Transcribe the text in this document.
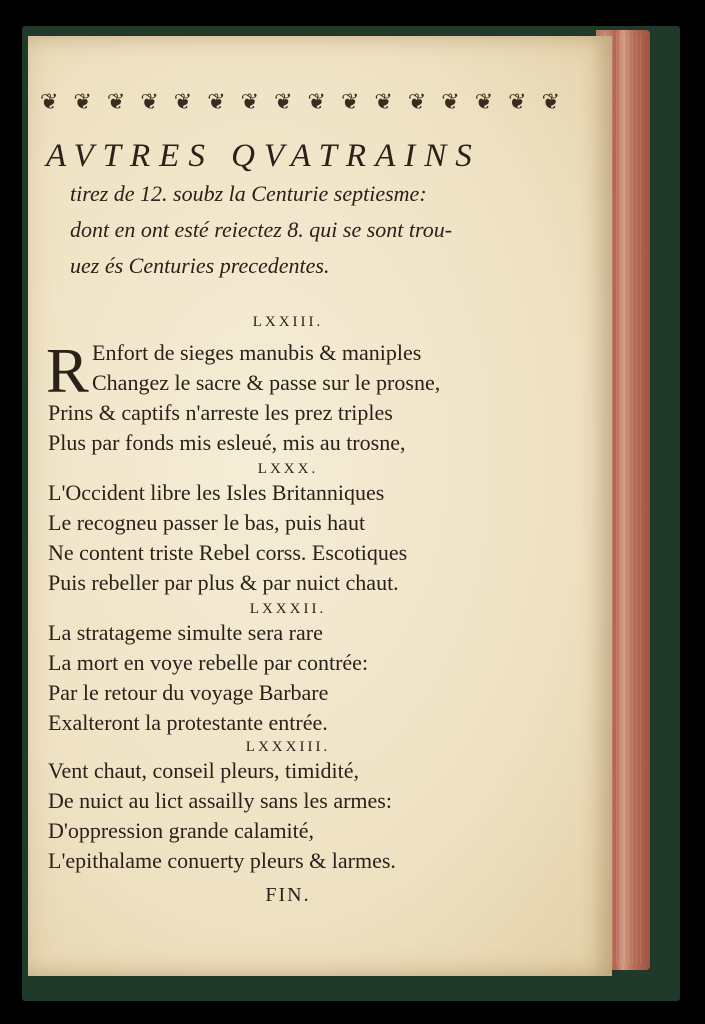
❦ ❦ ❦ ❦ ❦ ❦ ❦ ❦ ❦ ❦ ❦ ❦ ❦ ❦ ❦ ❦
AVTRES QVATRAINS
tirez de 12. soubz la Centurie septiesme:
dont en ont esté reiectez 8. qui se sont trou-
uez és Centuries precedentes.
LXXIII.
R Enfort de sieges manubis & maniples
Changez le sacre & passe sur le prosne,
Prins & captifs n'arreste les prez triples
Plus par fonds mis esleué, mis au trosne,
LXXX.
L'Occident libre les Isles Britanniques
Le recogneu passer le bas, puis haut
Ne content triste Rebel corss. Escotiques
Puis rebeller par plus & par nuict chaut.
LXXXII.
La stratageme simulte sera rare
La mort en voye rebelle par contrée:
Par le retour du voyage Barbare
Exalteront la protestante entrée.
LXXXIII.
Vent chaut, conseil pleurs, timidité,
De nuict au lict assailly sans les armes:
D'oppression grande calamité,
L'epithalame conuerty pleurs & larmes.
FIN.
